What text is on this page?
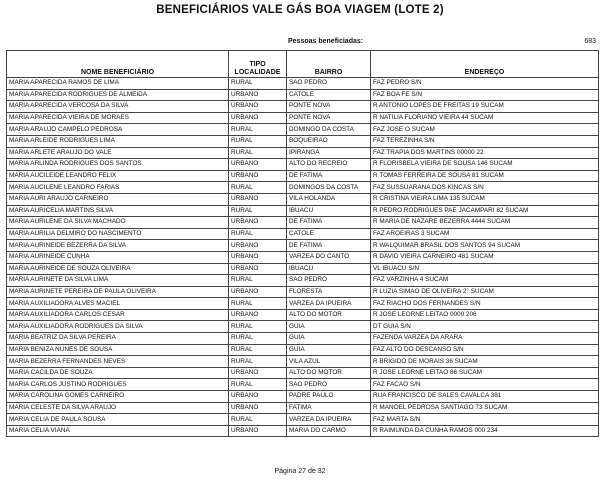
BENEFICIÁRIOS VALE GÁS BOA VIAGEM (LOTE 2)
Pessoas beneficiadas:	683
NOME BENEFICIÁRIO	TIPO LOCALIDADE	BAIRRO	ENDEREÇO
MARIA APARECIDA RAMOS DE LIMA	RURAL	SAO PEDRO	FAZ PEDRO S/N
MARIA APARECIDA RODRIGUES DE ALMEIDA	URBANO	CATOLE	FAZ BOA FE S/N
MARIA APARECIDA VERCOSA DA SILVA	URBANO	PONTE NOVA	R ANTONIO LOPES DE FREITAS 19 SUCAM
MARIA APARECIDA VIEIRA DE MORAES	URBANO	PONTE NOVA	R NATILIA FLORIANO VIEIRA 44 SUCAM
MARIA ARAUJO CAMPELO PEDROSA	RURAL	DOMINGO DA COSTA	FAZ JOSE O SUCAM
MARIA ARLEIDE RODRIGUES LIMA	RURAL	BOQUEIRAO	FAZ TEREZINHA S/N
MARIA ARLETE ARAUJO DO VALE	RURAL	IPIRANGA	FAZ TRAPIA DOS MARTINS 00000 22
MARIA ARLINDA RODRIGUES DOS SANTOS	URBANO	ALTO DO RECREIO	R FLORISBELA VIEIRA DE SOUSA 146 SUCAM
MARIA AUCILEIDE LEANDRO FELIX	URBANO	DE FATIMA	R TOMAS FERREIRA DE SOUSA 81 SUCAM
MARIA AUCILENE LEANDRO FARIAS	RURAL	DOMINGOS DA COSTA	FAZ SUSSUARANA DOS KINCAS S/N
MARIA AURI ARAUJO CARNEIRO	URBANO	VILA HOLANDA	R CRISTINA VIEIRA LIMA 135 SUCAM
MARIA AURICELIA MARTINS SILVA	RURAL	IBUACU	R PEDRO RODRIGUES PAE JACAMPARI 82 SUCAM
MARIA AURILENE DA SILVA MACHADO	URBANO	DE FATIMA	R MARIA DE NAZARE BEZERRA 4444 SUCAM
MARIA AURILIA DELMIRO DO NASCIMENTO	RURAL	CATOLE	FAZ AROEIRAS 3 SUCAM
MARIA AURINEIDE BEZERRA DA SILVA	URBANO	DE FATIMA	R WALQUIMAR BRASIL DOS SANTOS 94 SUCAM
MARIA AURINEIDE CUNHA	URBANO	VARZEA DO CANTO	R DAVID VIEIRA CARNEIRO 481 SUCAM
MARIA AURINEIDE DE SOUZA OLIVEIRA	URBANO	IBUACU	VL IBUACU S/N
MARIA AURINETE DA SILVA LIMA	RURAL	SAO PEDRO	FAZ VARZINHA 4 SUCAM
MARIA AURINETE PEREIRA DE PAULA OLIVEIRA	URBANO	FLORESTA	R LUZIA SIMAO DE OLIVEIRA 2° SUCAM
MARIA AUXILIADORA ALVES MACIEL	RURAL	VARZEA DA IPUEIRA	FAZ RIACHO DOS FERNANDES S/N
MARIA AUXILIADORA CARLOS CESAR	URBANO	ALTO DO MOTOR	R JOSE LEORNE LEITAO 0000 206
MARIA AUXILIADORA RODRIGUES DA SILVA	RURAL	GUIA	DT GUIA S/N
MARIA BEATRIZ DA SILVA PEREIRA	RURAL	GUIA	FAZENDA VARZEA DA ARARA
MARIA BENIZA NUNES DE SOUSA	RURAL	GUIA	FAZ ALTO DO DESCANSO S/N
MARIA BEZERRA FERNANDES NEVES	RURAL	VILA AZUL	R BRIGIDO DE MORAIS 36 SUCAM
MARIA CACILDA DE SOUZA	URBANO	ALTO DO MOTOR	R JOSE LEORNE LEITAO 86 SUCAM
MARIA CARLOS JUSTINO RODRIGUES	RURAL	SAO PEDRO	FAZ FACAO S/N
MARIA CAROLINA GOMES CARNEIRO	URBANO	PADRE PAULO	RUA FRANCISCO DE SALES CAVALCA 381
MARIA CELESTE DA SILVA ARAUJO	URBANO	FATIMA	R MANOEL PEDROSA SANTIAGO 73 SUCAM
MARIA CELIA DE PAULA SOUSA	RURAL	VARZEA DA IPUEIRA	FAZ MARTA S/N
MARIA CELIA VIANA	URBANO	MARIA DO CARMO	R RAIMUNDA DA CUNHA RAMOS 000 234
Página 27 de 32
